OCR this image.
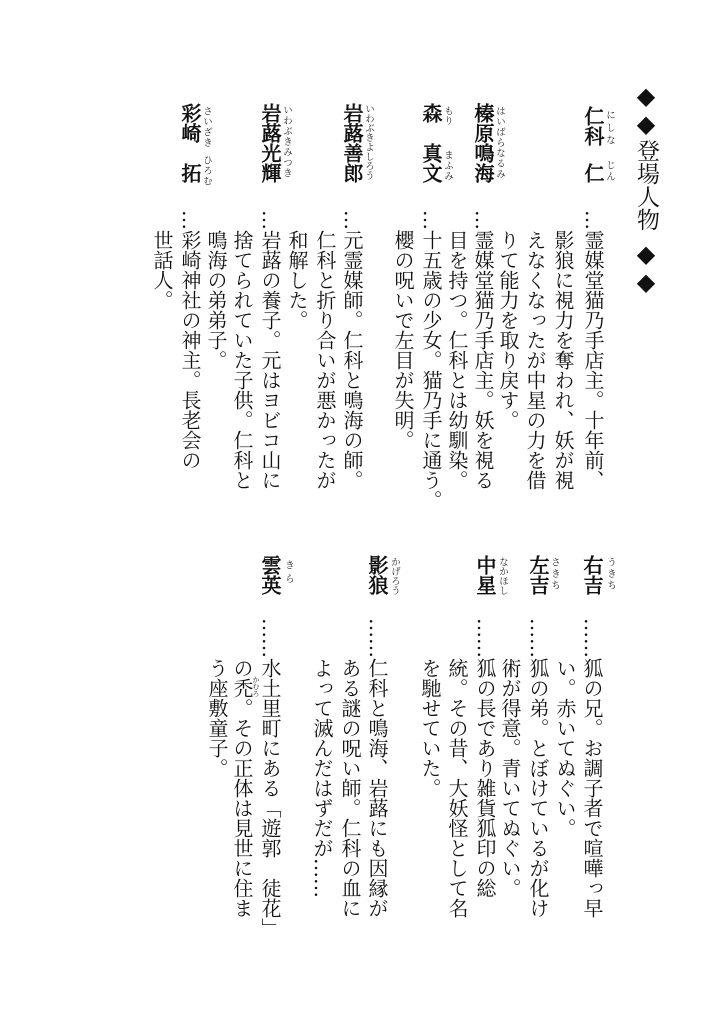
◆◆
登場人物
◆◆
仁科
仁
にしな
じん
…霊媒堂猫乃手店主。十年前、
影狼に視力を奪われ、妖が視
えなくなったが中星の力を借
りて能力を取り戻す。
榛原鳴海 はいばらなるみ
…霊媒堂猫乃手店主。妖を視る
目を持つ。仁科とは幼馴染。
森
真文
もり
まふみ
…十五歳の少女。猫乃手に通う。
櫻の呪いで左目が失明。
岩蕗善郎 いわぶきよしろう
…元霊媒師。仁科と鳴海の師。
仁科と折り合いが悪かったが
和解した。
岩蕗光輝 いわぶきみつき
…岩蕗の養子。元はヨビコ山に
捨てられていた子供。仁科と
鳴海の弟弟子。
彩崎
拓
さいざき
ひろむ
…彩崎神社の神主。長老会の
世話人。
右吉 うきち
……狐の兄。お調子者で喧嘩っ早
い。赤いてぬぐい。
左吉 さきち
……狐の弟。とぼけているが化け
術が得意。青いてぬぐい。
中星 なかほし
……狐の長であり雑貨狐印の総
統。その昔、大妖怪として名
を馳せていた。
影狼 かげろう
……仁科と鳴海、岩蕗にも因縁が
ある謎の呪い師。仁科の血に
よって滅んだはずだが……
雲英 きら
……水土里町にある「遊郭　徒花」
の禿。その正体は見世に住ま
かむろ
う座敷童子。
